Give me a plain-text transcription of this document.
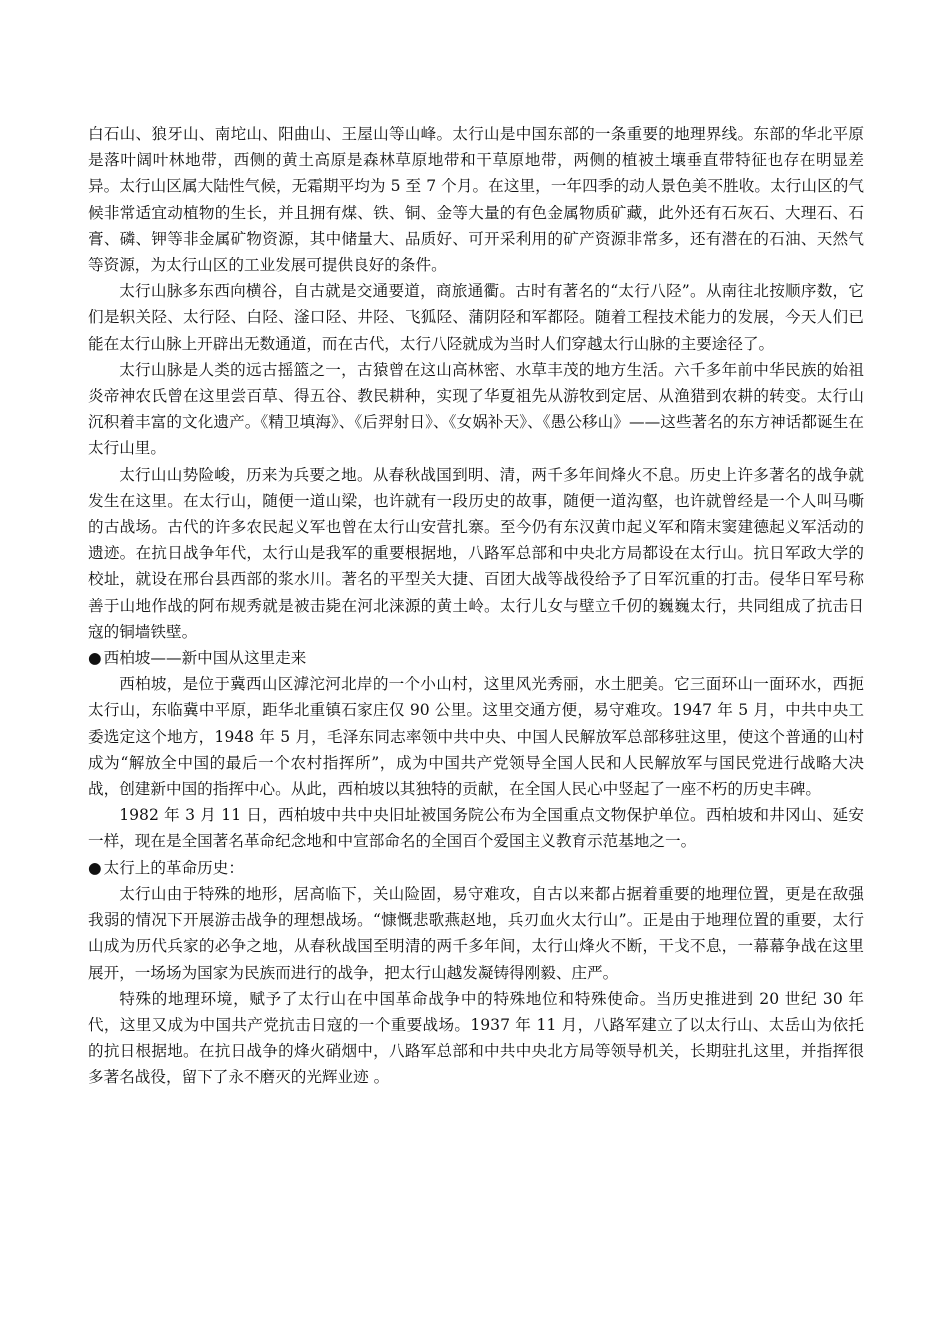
白石山、狼牙山、南坨山、阳曲山、王屋山等山峰。太行山是中国东部的一条重要的地理界线。东部的华北平原是落叶阔叶林地带，西侧的黄土高原是森林草原地带和干草原地带，两侧的植被土壤垂直带特征也存在明显差异。太行山区属大陆性气候，无霜期平均为 5 至 7 个月。在这里，一年四季的动人景色美不胜收。太行山区的气候非常适宜动植物的生长，并且拥有煤、铁、铜、金等大量的有色金属物质矿藏，此外还有石灰石、大理石、石膏、磷、钾等非金属矿物资源，其中储量大、品质好、可开采利用的矿产资源非常多，还有潜在的石油、天然气等资源，为太行山区的工业发展可提供良好的条件。

太行山脉多东西向横谷，自古就是交通要道，商旅通衢。古时有著名的“太行八陉”。从南往北按顺序数，它们是轵关陉、太行陉、白陉、滏口陉、井陉、飞狐陉、蒲阴陉和军都陉。随着工程技术能力的发展，今天人们已能在太行山脉上开辟出无数通道，而在古代，太行八陉就成为当时人们穿越太行山脉的主要途径了。

太行山脉是人类的远古摇篮之一，古猿曾在这山高林密、水草丰茂的地方生活。六千多年前中华民族的始祖炎帝神农氏曾在这里尝百草、得五谷、教民耕种，实现了华夏祖先从游牧到定居、从渔猎到农耕的转变。太行山沉积着丰富的文化遗产。《精卫填海》、《后羿射日》、《女娲补天》、《愚公移山》——这些著名的东方神话都诞生在太行山里。

太行山山势险峻，历来为兵要之地。从春秋战国到明、清，两千多年间烽火不息。历史上许多著名的战争就发生在这里。在太行山，随便一道山梁，也许就有一段历史的故事，随便一道沟壑，也许就曾经是一个人叫马嘶的古战场。古代的许多农民起义军也曾在太行山安营扎寨。至今仍有东汉黄巾起义军和隋末窦建德起义军活动的遗迹。在抗日战争年代，太行山是我军的重要根据地，八路军总部和中央北方局都设在太行山。抗日军政大学的校址，就设在邢台县西部的浆水川。著名的平型关大捷、百团大战等战役给予了日军沉重的打击。侵华日军号称善于山地作战的阿布规秀就是被击毙在河北涞源的黄土岭。太行儿女与壁立千仞的巍巍太行，共同组成了抗击日寇的铜墙铁壁。

● 西柏坡——新中国从这里走来

西柏坡，是位于冀西山区滹沱河北岸的一个小山村，这里风光秀丽，水土肥美。它三面环山一面环水，西扼太行山，东临冀中平原，距华北重镇石家庄仅 90 公里。这里交通方便，易守难攻。1947 年 5 月，中共中央工委选定这个地方，1948 年 5 月，毛泽东同志率领中共中央、中国人民解放军总部移驻这里，使这个普通的山村成为“解放全中国的最后一个农村指挥所”，成为中国共产党领导全国人民和人民解放军与国民党进行战略大决战，创建新中国的指挥中心。从此，西柏坡以其独特的贡献，在全国人民心中竖起了一座不朽的历史丰碑。

1982 年 3 月 11 日，西柏坡中共中央旧址被国务院公布为全国重点文物保护单位。西柏坡和井冈山、延安一样，现在是全国著名革命纪念地和中宣部命名的全国百个爱国主义教育示范基地之一。

● 太行上的革命历史：

太行山由于特殊的地形，居高临下，关山险固，易守难攻，自古以来都占据着重要的地理位置，更是在敌强我弱的情况下开展游击战争的理想战场。“慷慨悲歌燕赵地，兵刃血火太行山”。正是由于地理位置的重要，太行山成为历代兵家的必争之地，从春秋战国至明清的两千多年间，太行山烽火不断，干戈不息，一幕幕争战在这里展开，一场场为国家为民族而进行的战争，把太行山越发凝铸得刚毅、庄严。

特殊的地理环境，赋予了太行山在中国革命战争中的特殊地位和特殊使命。当历史推进到 20 世纪 30 年代，这里又成为中国共产党抗击日寇的一个重要战场。1937 年 11 月，八路军建立了以太行山、太岳山为依托的抗日根据地。在抗日战争的烽火硝烟中，八路军总部和中共中央北方局等领导机关，长期驻扎这里，并指挥很多著名战役，留下了永不磨灭的光辉业迹 。
